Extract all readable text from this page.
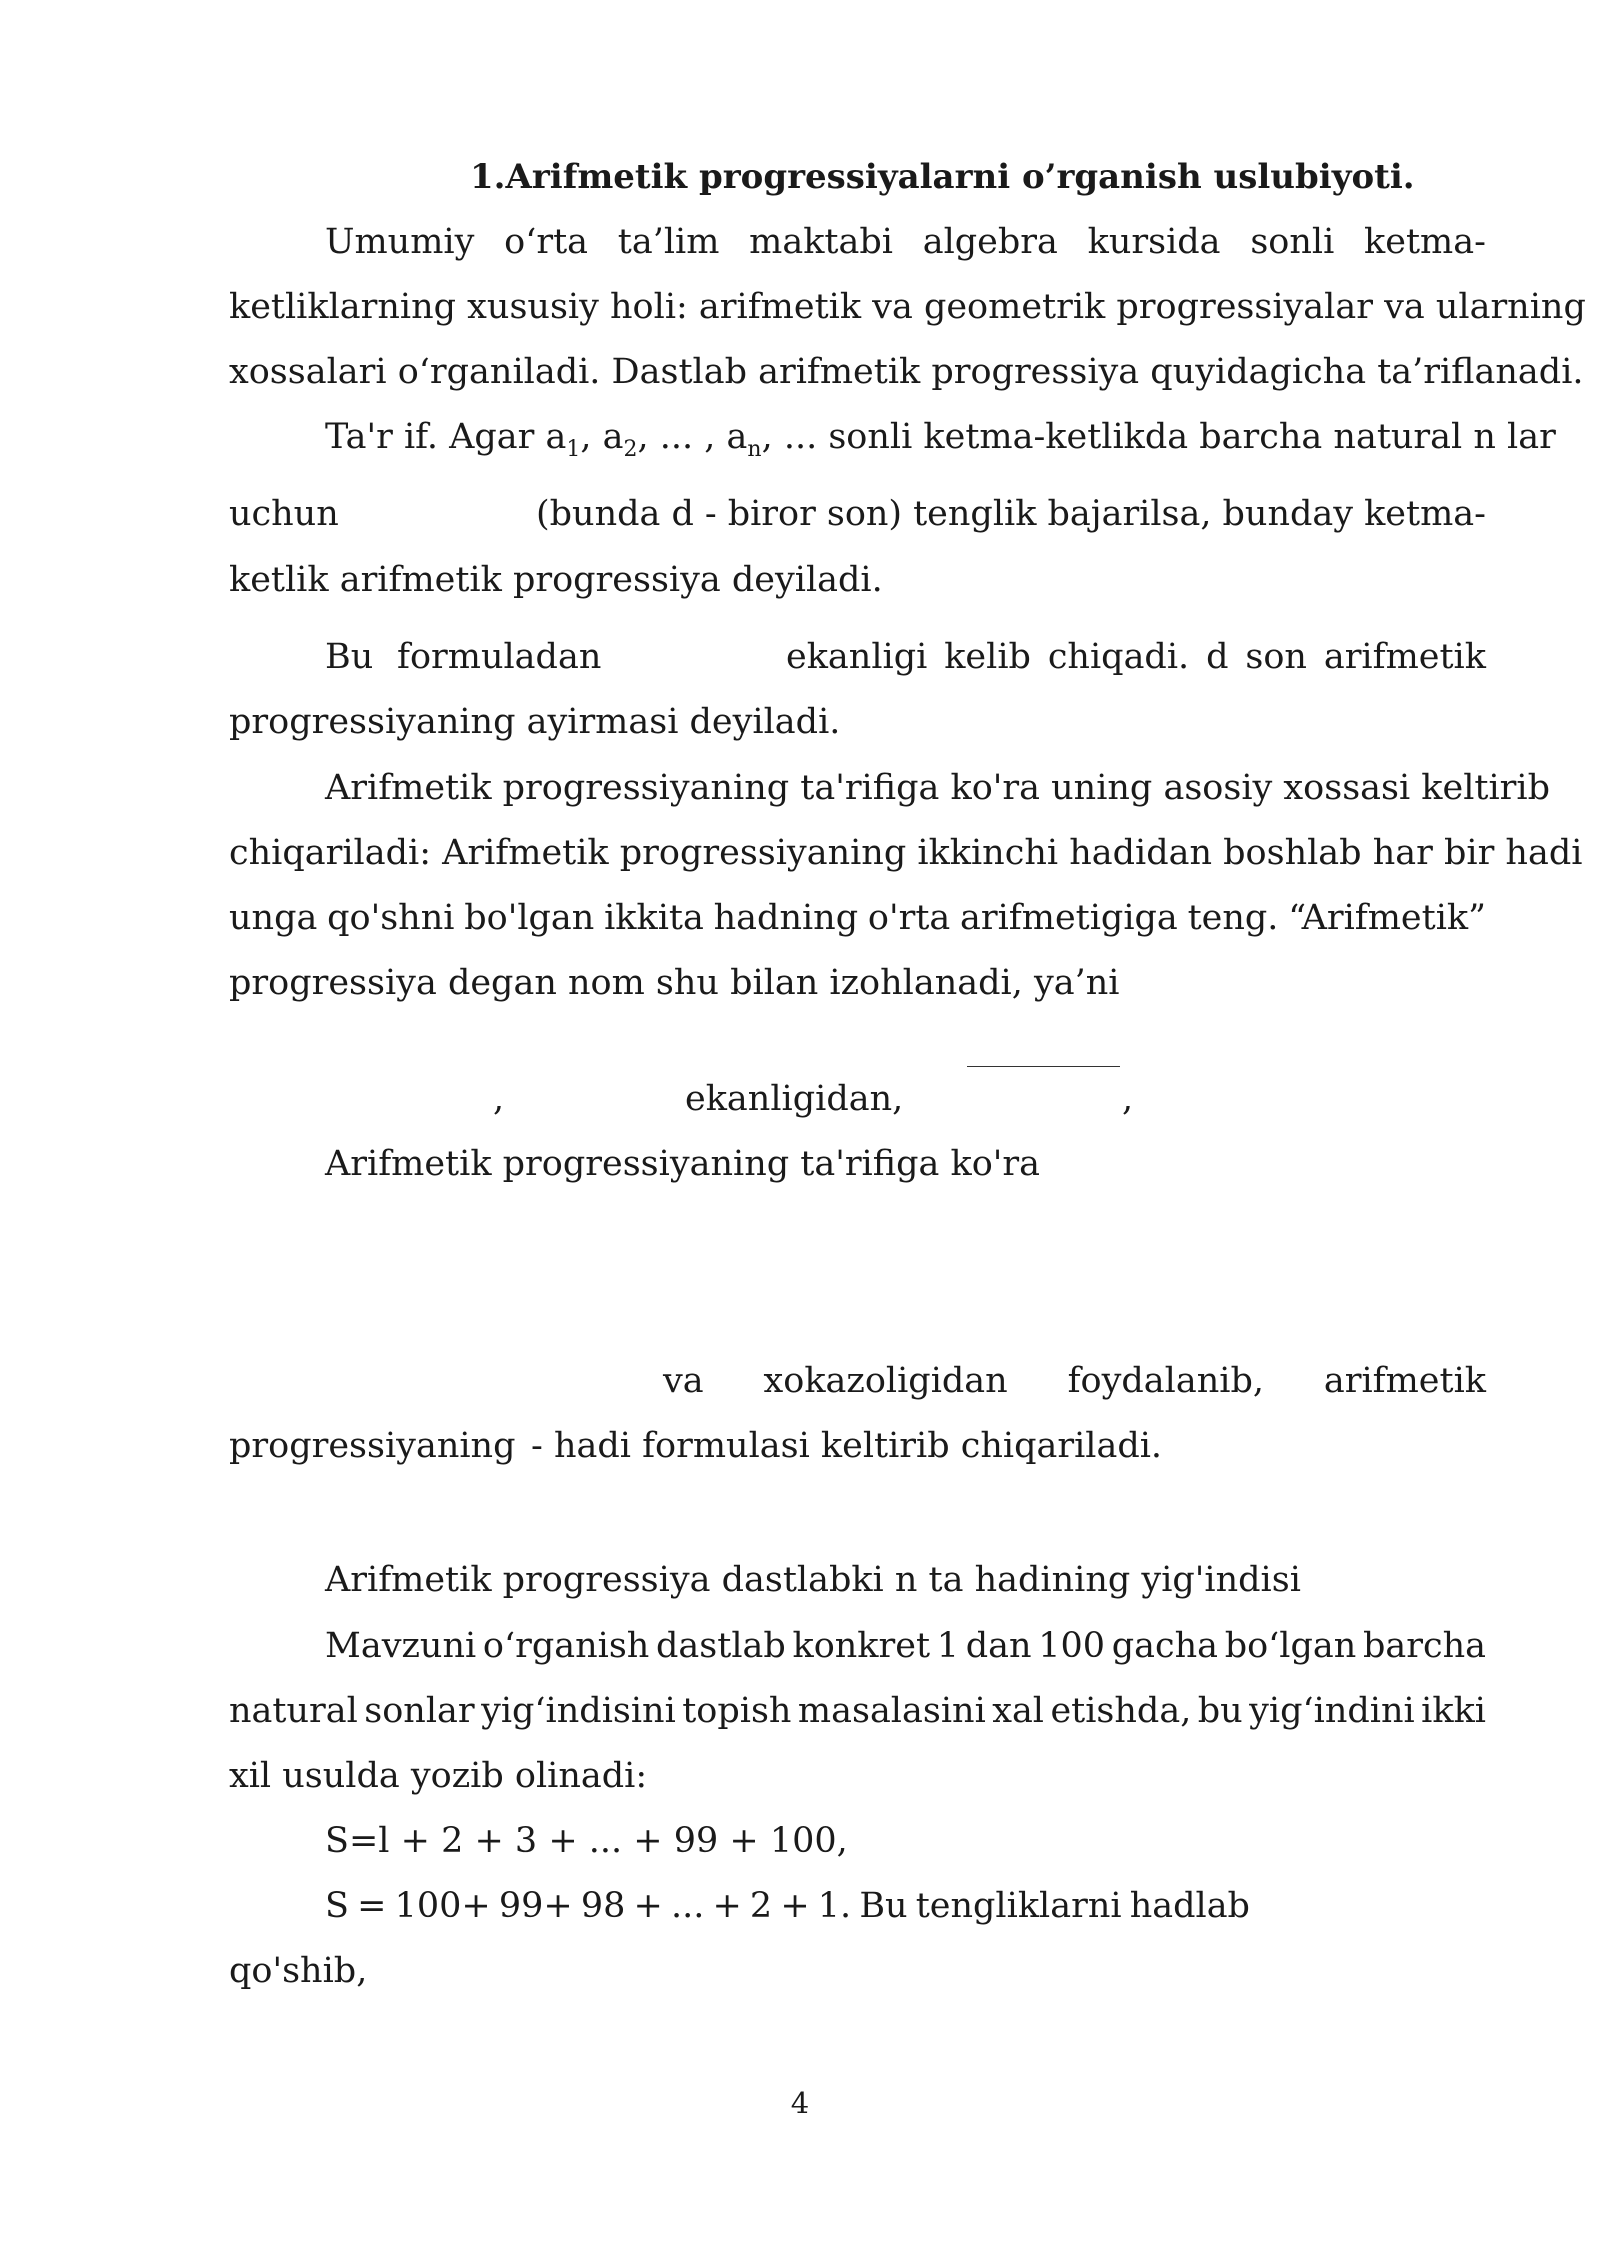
1.Arifmetik progressiyalarni o’rganish uslubiyoti.
Umumiy o‘rta ta’lim maktabi algebra kursida sonli ketma-
ketliklarning xususiy holi: arifmetik va geometrik progressiyalar va ularning
xossalari o‘rganiladi. Dastlab arifmetik progressiya quyidagicha ta’riflanadi.
Ta'r if. Agar $a_1$, $a_2$, ... , $a_n$, ... sonli ketma-ketlikda barcha natural n lar
uchun	(bunda d - biror son) tenglik bajarilsa, bunday ketma-
ketlik arifmetik progressiya deyiladi.
Bu formuladan	ekanligi kelib chiqadi. d son arifmetik
progressiyaning ayirmasi deyiladi.
Arifmetik progressiyaning ta'rifiga ko'ra uning asosiy xossasi keltirib
chiqariladi: Arifmetik progressiyaning ikkinchi hadidan boshlab har bir hadi
unga qo'shni bo'lgan ikkita hadning o'rta arifmetigiga teng. “Arifmetik”
progressiya degan nom shu bilan izohlanadi, ya’ni
,	ekanligidan,	,
Arifmetik progressiyaning ta'rifiga ko'ra
va xokazoligidan foydalanib, arifmetik
progressiyaning - hadi formulasi keltirib chiqariladi.
Arifmetik progressiya dastlabki n ta hadining yig'indisi
Mavzuni o‘rganish dastlab konkret 1 dan 100 gacha bo‘lgan barcha
natural sonlar yig‘indisini topish masalasini xal etishda, bu yig‘indini ikki
xil usulda yozib olinadi:
S=l + 2 + 3 + ... + 99 + 100,
S = 100+ 99+ 98 + ... + 2 + 1. Bu tengliklarni hadlab
qo'shib,
4
